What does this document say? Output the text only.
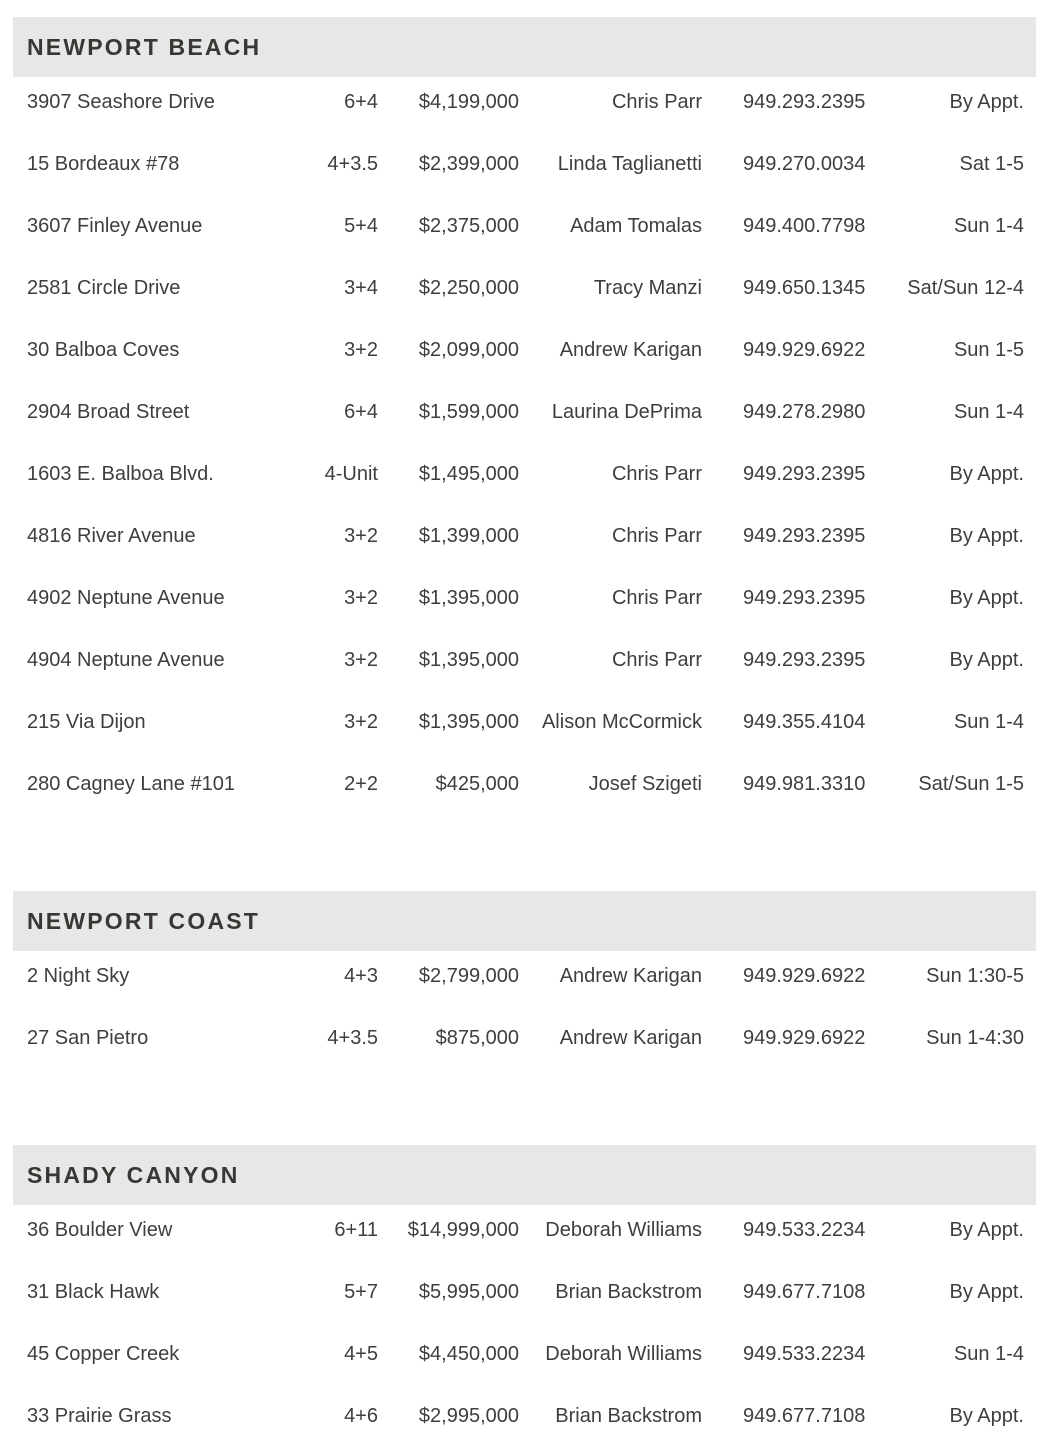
NEWPORT BEACH
3907 Seashore Drive	6+4	$4,199,000	Chris Parr	949.293.2395	By Appt.
15 Bordeaux #78	4+3.5	$2,399,000	Linda Taglianetti	949.270.0034	Sat 1-5
3607 Finley Avenue	5+4	$2,375,000	Adam Tomalas	949.400.7798	Sun 1-4
2581 Circle Drive	3+4	$2,250,000	Tracy Manzi	949.650.1345	Sat/Sun 12-4
30 Balboa Coves	3+2	$2,099,000	Andrew Karigan	949.929.6922	Sun 1-5
2904 Broad Street	6+4	$1,599,000	Laurina DePrima	949.278.2980	Sun 1-4
1603 E. Balboa Blvd.	4-Unit	$1,495,000	Chris Parr	949.293.2395	By Appt.
4816 River Avenue	3+2	$1,399,000	Chris Parr	949.293.2395	By Appt.
4902 Neptune Avenue	3+2	$1,395,000	Chris Parr	949.293.2395	By Appt.
4904 Neptune Avenue	3+2	$1,395,000	Chris Parr	949.293.2395	By Appt.
215 Via Dijon	3+2	$1,395,000	Alison McCormick	949.355.4104	Sun 1-4
280 Cagney Lane #101	2+2	$425,000	Josef Szigeti	949.981.3310	Sat/Sun 1-5
NEWPORT COAST
2 Night Sky	4+3	$2,799,000	Andrew Karigan	949.929.6922	Sun 1:30-5
27 San Pietro	4+3.5	$875,000	Andrew Karigan	949.929.6922	Sun 1-4:30
SHADY CANYON
36 Boulder View	6+11	$14,999,000	Deborah Williams	949.533.2234	By Appt.
31 Black Hawk	5+7	$5,995,000	Brian Backstrom	949.677.7108	By Appt.
45 Copper Creek	4+5	$4,450,000	Deborah Williams	949.533.2234	Sun 1-4
33 Prairie Grass	4+6	$2,995,000	Brian Backstrom	949.677.7108	By Appt.
